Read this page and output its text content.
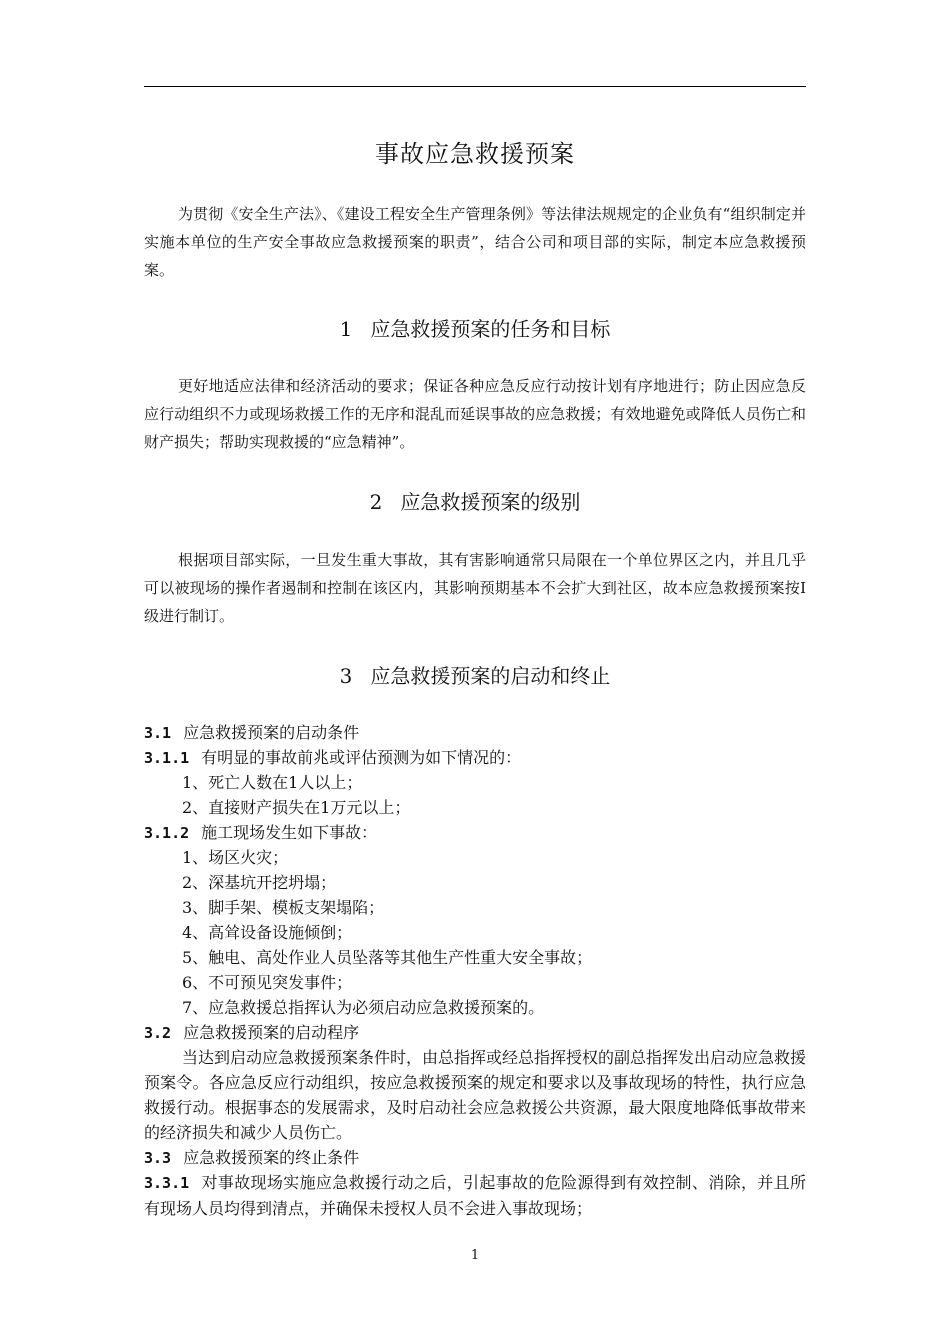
事故应急救援预案

为贯彻《安全生产法》、《建设工程安全生产管理条例》等法律法规规定的企业负有“组织制定并实施本单位的生产安全事故应急救援预案的职责”，结合公司和项目部的实际，制定本应急救援预案。

1 应急救援预案的任务和目标

更好地适应法律和经济活动的要求；保证各种应急反应行动按计划有序地进行；防止因应急反应行动组织不力或现场救援工作的无序和混乱而延误事故的应急救援；有效地避免或降低人员伤亡和财产损失；帮助实现救援的“应急精神”。

2 应急救援预案的级别

根据项目部实际，一旦发生重大事故，其有害影响通常只局限在一个单位界区之内，并且几乎可以被现场的操作者遏制和控制在该区内，其影响预期基本不会扩大到社区，故本应急救援预案按Ⅰ级进行制订。

3 应急救援预案的启动和终止
3.1 应急救援预案的启动条件
3.1.1 有明显的事故前兆或评估预测为如下情况的：
1、死亡人数在1人以上；
2、直接财产损失在1万元以上；
3.1.2 施工现场发生如下事故：
1、场区火灾；
2、深基坑开挖坍塌；
3、脚手架、模板支架塌陷；
4、高耸设备设施倾倒；
5、触电、高处作业人员坠落等其他生产性重大安全事故；
6、不可预见突发事件；
7、应急救援总指挥认为必须启动应急救援预案的。
3.2 应急救援预案的启动程序
当达到启动应急救援预案条件时，由总指挥或经总指挥授权的副总指挥发出启动应急救援预案令。各应急反应行动组织，按应急救援预案的规定和要求以及事故现场的特性，执行应急救援行动。根据事态的发展需求，及时启动社会应急救援公共资源，最大限度地降低事故带来的经济损失和减少人员伤亡。
3.3 应急救援预案的终止条件
3.3.1 对事故现场实施应急救援行动之后，引起事故的危险源得到有效控制、消除，并且所有现场人员均得到清点，并确保未授权人员不会进入事故现场；
1
